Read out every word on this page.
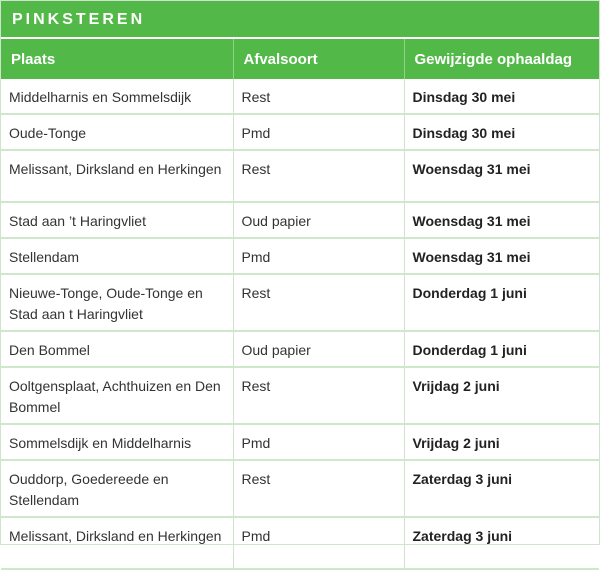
PINKSTEREN
Plaats	Afvalsoort	Gewijzigde ophaaldag
Middelharnis en Sommelsdijk	Rest	Dinsdag 30 mei
Oude-Tonge	Pmd	Dinsdag 30 mei
Melissant, Dirksland en Herkingen	Rest	Woensdag 31 mei
Stad aan ’t Haringvliet	Oud papier	Woensdag 31 mei
Stellendam	Pmd	Woensdag 31 mei
Nieuwe-Tonge, Oude-Tonge en Stad aan t Haringvliet	Rest	Donderdag 1 juni
Den Bommel	Oud papier	Donderdag 1 juni
Ooltgensplaat, Achthuizen en Den Bommel	Rest	Vrijdag 2 juni
Sommelsdijk en Middelharnis	Pmd	Vrijdag 2 juni
Ouddorp, Goedereede en Stellendam	Rest	Zaterdag 3 juni
Melissant, Dirksland en Herkingen	Pmd	Zaterdag 3 juni
